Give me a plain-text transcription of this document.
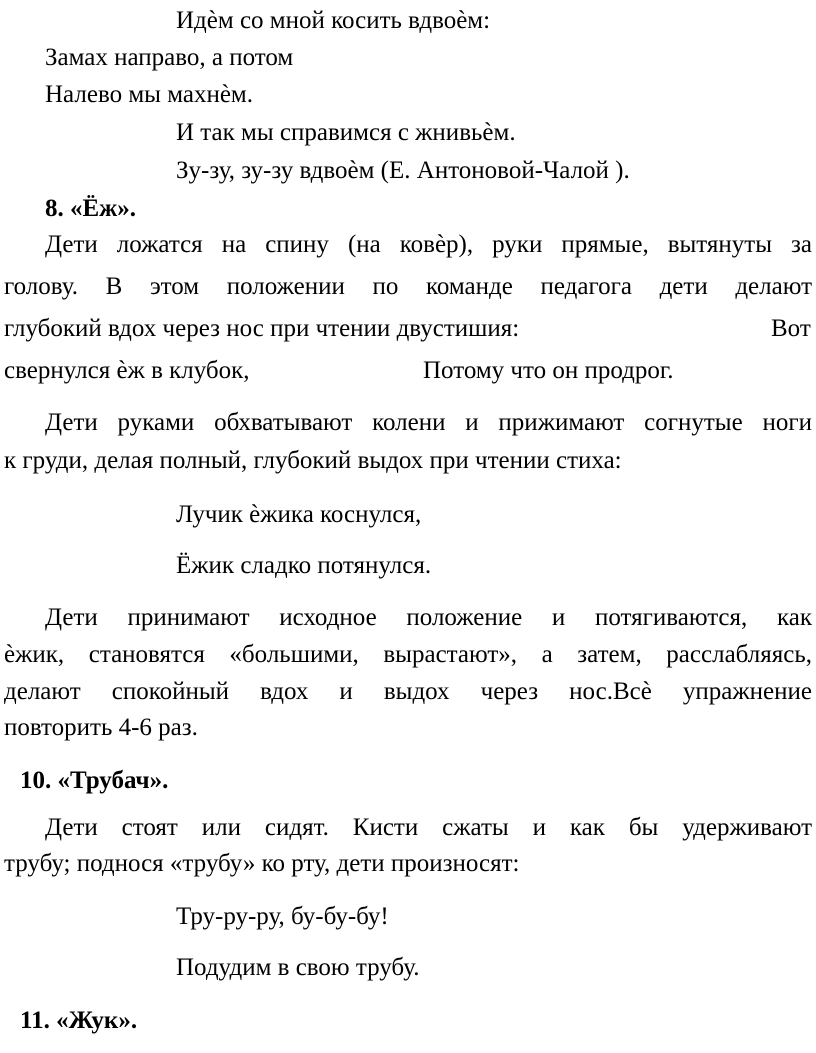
Идѐм со мной косить вдвоѐм:

Замах направо, а потом

Налево мы махнѐм.

И так мы справимся с жнивьѐм.

Зу-зу, зу-зу вдвоѐм (Е. Антоновой-Чалой ).

8. «Ёж».

Дети ложатся на спину (на ковѐр), руки прямые, вытянуты за

голову. В этом положении по команде педагога дети делают

глубокий вдох через нос при чтении двустишия:	Вот

свернулся ѐж в клубок,	Потому что он продрог.

Дети руками обхватывают колени и прижимают согнутые ноги

к груди, делая полный, глубокий выдох при чтении стиха:

Лучик ѐжика коснулся,

Ёжик сладко потянулся.

Дети принимают исходное положение и потягиваются, как

ѐжик, становятся «большими, вырастают», а затем, расслабляясь,

делают спокойный вдох и выдох через нос.Всѐ упражнение

повторить 4-6 раз.

10. «Трубач».

Дети стоят или сидят. Кисти сжаты и как бы удерживают

трубу; поднося «трубу» ко рту, дети произносят:

Тру-ру-ру, бу-бу-бу!

Подудим в свою трубу.

11. «Жук».
